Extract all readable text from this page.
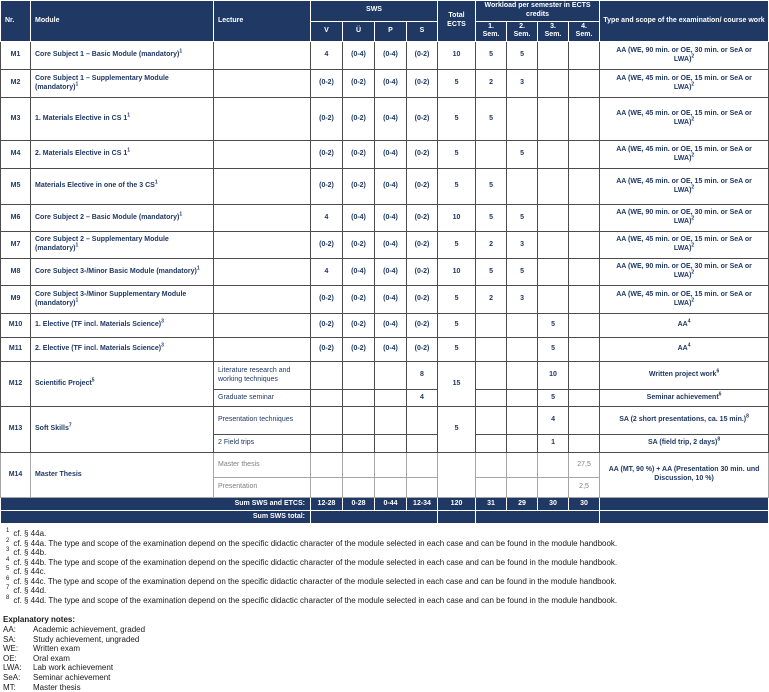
Nr.	Module	Lecture	SWS				Total ECTS	Workload per semester in ECTS credits				Type and scope of the examination/ course work
			V	Ü	P	S		1. Sem.	2. Sem.	3. Sem.	4. Sem.	
M1	Core Subject 1 – Basic Module (mandatory)$^1$		4	(0-4)	(0-4)	(0-2)	10	5	5			AA (WE, 90 min. or OE, 30 min. or SeA or LWA)$^2$
M2	Core Subject 1 – Supplementary Module (mandatory)$^1$		(0-2)	(0-2)	(0-4)	(0-2)	5	2	3			AA (WE, 45 min. or OE, 15 min. or SeA or LWA)$^2$
M3	1. Materials Elective in CS $1^1$		(0-2)	(0-2)	(0-4)	(0-2)	5	5				AA (WE, 45 min. or OE, 15 min. or SeA or LWA)$^2$
M4	2. Materials Elective in CS $1^1$		(0-2)	(0-2)	(0-4)	(0-2)	5		5			AA (WE, 45 min. or OE, 15 min. or SeA or LWA)$^2$
M5	Materials Elective in one of the 3 $CS^1$		(0-2)	(0-2)	(0-4)	(0-2)	5	5				AA (WE, 45 min. or OE, 15 min. or SeA or LWA)$^2$
M6	Core Subject 2 – Basic Module (mandatory)$^1$		4	(0-4)	(0-4)	(0-2)	10	5	5			AA (WE, 90 min. or OE, 30 min. or SeA or LWA)$^2$
M7	Core Subject 2 – Supplementary Module (mandatory)$^1$		(0-2)	(0-2)	(0-4)	(0-2)	5	2	3			AA (WE, 45 min. or OE, 15 min. or SeA or LWA)$^2$
M8	Core Subject 3-/Minor Basic Module (mandatory)$^1$		4	(0-4)	(0-4)	(0-2)	10	5	5			AA (WE, 90 min. or OE, 30 min. or SeA or LWA)$^2$
M9	Core Subject 3-/Minor Supplementary Module (mandatory)$^1$		(0-2)	(0-2)	(0-4)	(0-2)	5	2	3			AA (WE, 45 min. or OE, 15 min. or SeA or LWA)$^2$
M10	1. Elective (TF incl. Materials Science)$^3$		(0-2)	(0-2)	(0-4)	(0-2)	5			5		$AA^4$
M11	2. Elective (TF incl. Materials Science)$^3$		(0-2)	(0-2)	(0-4)	(0-2)	5			5		$AA^4$
M12	Scientific Project$^5$	Literature research and working techniques				8	15			10		Written project work$^6$
		Graduate seminar				4				5		Seminar achievement$^6$
M13	Soft Skills$^7$	Presentation techniques					5			4		SA (2 short presentations, ca. 15 min.)$^8$
		2 Field trips								1		SA (field trip, 2 days)$^8$
M14	Master Thesis	Master thesis									27,5	AA (MT, 90 %) + AA (Presentation 30 min. und Discussion, 10 %)
		Presentation									2,5	
Sum SWS and ETCS:			12-28	0-28	0-44	12-34	120	31	29	30	30	
Sum SWS total:												
$^1$ cf. § 44a.
$^2$ cf. § 44a. The type and scope of the examination depend on the specific didactic character of the module selected in each case and can be found in the module handbook.
$^3$ cf. § 44b.
$^4$ cf. § 44b. The type and scope of the examination depend on the specific didactic character of the module selected in each case and can be found in the module handbook.
$^5$ cf. § 44c.
$^6$ cf. § 44c. The type and scope of the examination depend on the specific didactic character of the module selected in each case and can be found in the module handbook.
$^7$ cf. § 44d.
$^8$ cf. § 44d. The type and scope of the examination depend on the specific didactic character of the module selected in each case and can be found in the module handbook.
Explanatory notes:
AA: Academic achievement, graded
SA: Study achievement, ungraded
WE: Written exam
OE: Oral exam
LWA: Lab work achievement
SeA: Seminar achievement
MT: Master thesis
